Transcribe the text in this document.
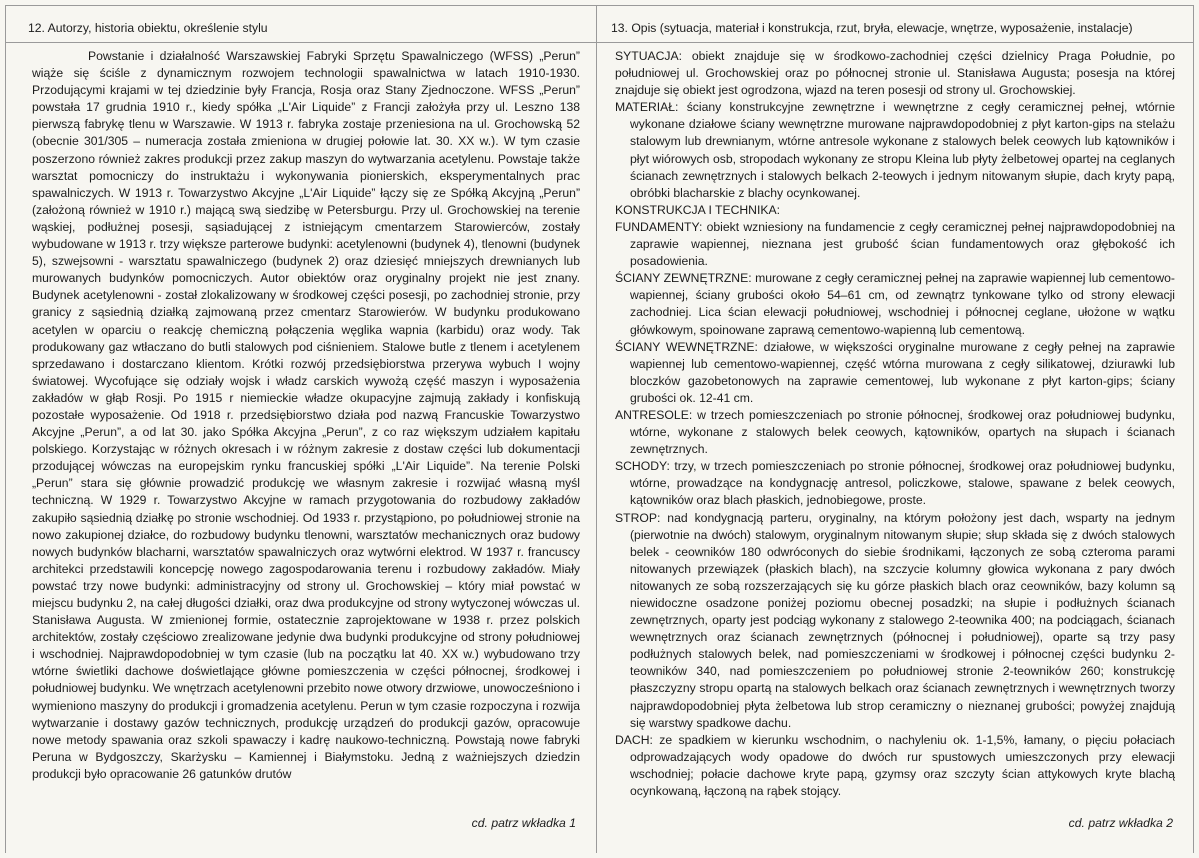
12. Autorzy, historia obiektu, określenie stylu

Powstanie i działalność Warszawskiej Fabryki Sprzętu Spawalniczego (WFSS) „Perun” wiąże się ściśle z dynamicznym rozwojem technologii spawalnictwa w latach 1910-1930. Przodującymi krajami w tej dziedzinie były Francja, Rosja oraz Stany Zjednoczone. WFSS „Perun” powstała 17 grudnia 1910 r., kiedy spółka „L'Air Liquide” z Francji założyła przy ul. Leszno 138 pierwszą fabrykę tlenu w Warszawie. W 1913 r. fabryka zostaje przeniesiona na ul. Grochowską 52 (obecnie 301/305 – numeracja została zmieniona w drugiej połowie lat. 30. XX w.). W tym czasie poszerzono również zakres produkcji przez zakup maszyn do wytwarzania acetylenu. Powstaje także warsztat pomocniczy do instruktażu i wykonywania pionierskich, eksperymentalnych prac spawalniczych. W 1913 r. Towarzystwo Akcyjne „L'Air Liquide” łączy się ze Spółką Akcyjną „Perun” (założoną również w 1910 r.) mającą swą siedzibę w Petersburgu. Przy ul. Grochowskiej na terenie wąskiej, podłużnej posesji, sąsiadującej z istniejącym cmentarzem Starowierców, zostały wybudowane w 1913 r. trzy większe parterowe budynki: acetylenowni (budynek 4), tlenowni (budynek 5), szwejsowni - warsztatu spawalniczego (budynek 2) oraz dziesięć mniejszych drewnianych lub murowanych budynków pomocniczych. Autor obiektów oraz oryginalny projekt nie jest znany. Budynek acetylenowni - został zlokalizowany w środkowej części posesji, po zachodniej stronie, przy granicy z sąsiednią działką zajmowaną przez cmentarz Starowierów. W budynku produkowano acetylen w oparciu o reakcję chemiczną połączenia węglika wapnia (karbidu) oraz wody. Tak produkowany gaz wtłaczano do butli stalowych pod ciśnieniem. Stalowe butle z tlenem i acetylenem sprzedawano i dostarczano klientom. Krótki rozwój przedsiębiorstwa przerywa wybuch I wojny światowej. Wycofujące się odziały wojsk i władz carskich wywożą część maszyn i wyposażenia zakładów w głąb Rosji. Po 1915 r niemieckie władze okupacyjne zajmują zakłady i konfiskują pozostałe wyposażenie. Od 1918 r. przedsiębiorstwo działa pod nazwą Francuskie Towarzystwo Akcyjne „Perun”, a od lat 30. jako Spółka Akcyjna „Perun”, z co raz większym udziałem kapitału polskiego. Korzystając w różnych okresach i w różnym zakresie z dostaw części lub dokumentacji przodującej wówczas na europejskim rynku francuskiej spółki „L'Air Liquide”. Na terenie Polski „Perun” stara się głównie prowadzić produkcję we własnym zakresie i rozwijać własną myśl techniczną. W 1929 r. Towarzystwo Akcyjne w ramach przygotowania do rozbudowy zakładów zakupiło sąsiednią działkę po stronie wschodniej. Od 1933 r. przystąpiono, po południowej stronie na nowo zakupionej działce, do rozbudowy budynku tlenowni, warsztatów mechanicznych oraz budowy nowych budynków blacharni, warsztatów spawalniczych oraz wytwórni elektrod. W 1937 r. francuscy architekci przedstawili koncepcję nowego zagospodarowania terenu i rozbudowy zakładów. Miały powstać trzy nowe budynki: administracyjny od strony ul. Grochowskiej – który miał powstać w miejscu budynku 2, na całej długości działki, oraz dwa produkcyjne od strony wytyczonej wówczas ul. Stanisława Augusta. W zmienionej formie, ostatecznie zaprojektowane w 1938 r. przez polskich architektów, zostały częściowo zrealizowane jedynie dwa budynki produkcyjne od strony południowej i wschodniej. Najprawdopodobniej w tym czasie (lub na początku lat 40. XX w.) wybudowano trzy wtórne świetliki dachowe doświetlające główne pomieszczenia w części północnej, środkowej i południowej budynku. We wnętrzach acetylenowni przebito nowe otwory drzwiowe, unowocześniono i wymieniono maszyny do produkcji i gromadzenia acetylenu. Perun w tym czasie rozpoczyna i rozwija wytwarzanie i dostawy gazów technicznych, produkcję urządzeń do produkcji gazów, opracowuje nowe metody spawania oraz szkoli spawaczy i kadrę naukowo-techniczną. Powstają nowe fabryki Peruna w Bydgoszczy, Skarżysku – Kamiennej i Białymstoku. Jedną z ważniejszych dziedzin produkcji było opracowanie 26 gatunków drutów

cd. patrz wkładka 1
13. Opis (sytuacja, materiał i konstrukcja, rzut, bryła, elewacje, wnętrze, wyposażenie, instalacje)

SYTUACJA: obiekt znajduje się w środkowo-zachodniej części dzielnicy Praga Południe, po południowej ul. Grochowskiej oraz po północnej stronie ul. Stanisława Augusta; posesja na której znajduje się obiekt jest ogrodzona, wjazd na teren posesji od strony ul. Grochowskiej.

MATERIAŁ: ściany konstrukcyjne zewnętrzne i wewnętrzne z cegły ceramicznej pełnej, wtórnie wykonane działowe ściany wewnętrzne murowane najprawdopodobniej z płyt karton-gips na stelażu stalowym lub drewnianym, wtórne antresole wykonane z stalowych belek ceowych lub kątowników i płyt wiórowych osb, stropodach wykonany ze stropu Kleina lub płyty żelbetowej opartej na ceglanych ścianach zewnętrznych i stalowych belkach 2-teowych i jednym nitowanym słupie, dach kryty papą, obróbki blacharskie z blachy ocynkowanej.

KONSTRUKCJA I TECHNIKA:

FUNDAMENTY: obiekt wzniesiony na fundamencie z cegły ceramicznej pełnej najprawdopodobniej na zaprawie wapiennej, nieznana jest grubość ścian fundamentowych oraz głębokość ich posadowienia.

ŚCIANY ZEWNĘTRZNE: murowane z cegły ceramicznej pełnej na zaprawie wapiennej lub cementowo-wapiennej, ściany grubości około 54–61 cm, od zewnątrz tynkowane tylko od strony elewacji zachodniej. Lica ścian elewacji południowej, wschodniej i północnej ceglane, ułożone w wątku główkowym, spoinowane zaprawą cementowo-wapienną lub cementową.

ŚCIANY WEWNĘTRZNE: działowe, w większości oryginalne murowane z cegły pełnej na zaprawie wapiennej lub cementowo-wapiennej, część wtórna murowana z cegły silikatowej, dziurawki lub bloczków gazobetonowych na zaprawie cementowej, lub wykonane z płyt karton-gips; ściany grubości ok. 12-41 cm.

ANTRESOLE: w trzech pomieszczeniach po stronie północnej, środkowej oraz południowej budynku, wtórne, wykonane z stalowych belek ceowych, kątowników, opartych na słupach i ścianach zewnętrznych.

SCHODY: trzy, w trzech pomieszczeniach po stronie północnej, środkowej oraz południowej budynku, wtórne, prowadzące na kondygnację antresol, policzkowe, stalowe, spawane z belek ceowych, kątowników oraz blach płaskich, jednobiegowe, proste.

STROP: nad kondygnacją parteru, oryginalny, na którym położony jest dach, wsparty na jednym (pierwotnie na dwóch) stalowym, oryginalnym nitowanym słupie; słup składa się z dwóch stalowych belek - ceowników 180 odwróconych do siebie środnikami, łączonych ze sobą czteroma parami nitowanych przewiązek (płaskich blach), na szczycie kolumny głowica wykonana z pary dwóch nitowanych ze sobą rozszerzających się ku górze płaskich blach oraz ceowników, bazy kolumn są niewidoczne osadzone poniżej poziomu obecnej posadzki; na słupie i podłużnych ścianach zewnętrznych, oparty jest podciąg wykonany z stalowego 2-teownika 400; na podciągach, ścianach wewnętrznych oraz ścianach zewnętrznych (północnej i południowej), oparte są trzy pasy podłużnych stalowych belek, nad pomieszczeniami w środkowej i północnej części budynku 2-teowników 340, nad pomieszczeniem po południowej stronie 2-teowników 260; konstrukcję płaszczyzny stropu opartą na stalowych belkach oraz ścianach zewnętrznych i wewnętrznych tworzy najprawdopodobniej płyta żelbetowa lub strop ceramiczny o nieznanej grubości; powyżej znajdują się warstwy spadkowe dachu.

DACH: ze spadkiem w kierunku wschodnim, o nachyleniu ok. 1-1,5%, łamany, o pięciu połaciach odprowadzających wody opadowe do dwóch rur spustowych umieszczonych przy elewacji wschodniej; połacie dachowe kryte papą, gzymsy oraz szczyty ścian attykowych kryte blachą ocynkowaną, łączoną na rąbek stojący.

cd. patrz wkładka 2
